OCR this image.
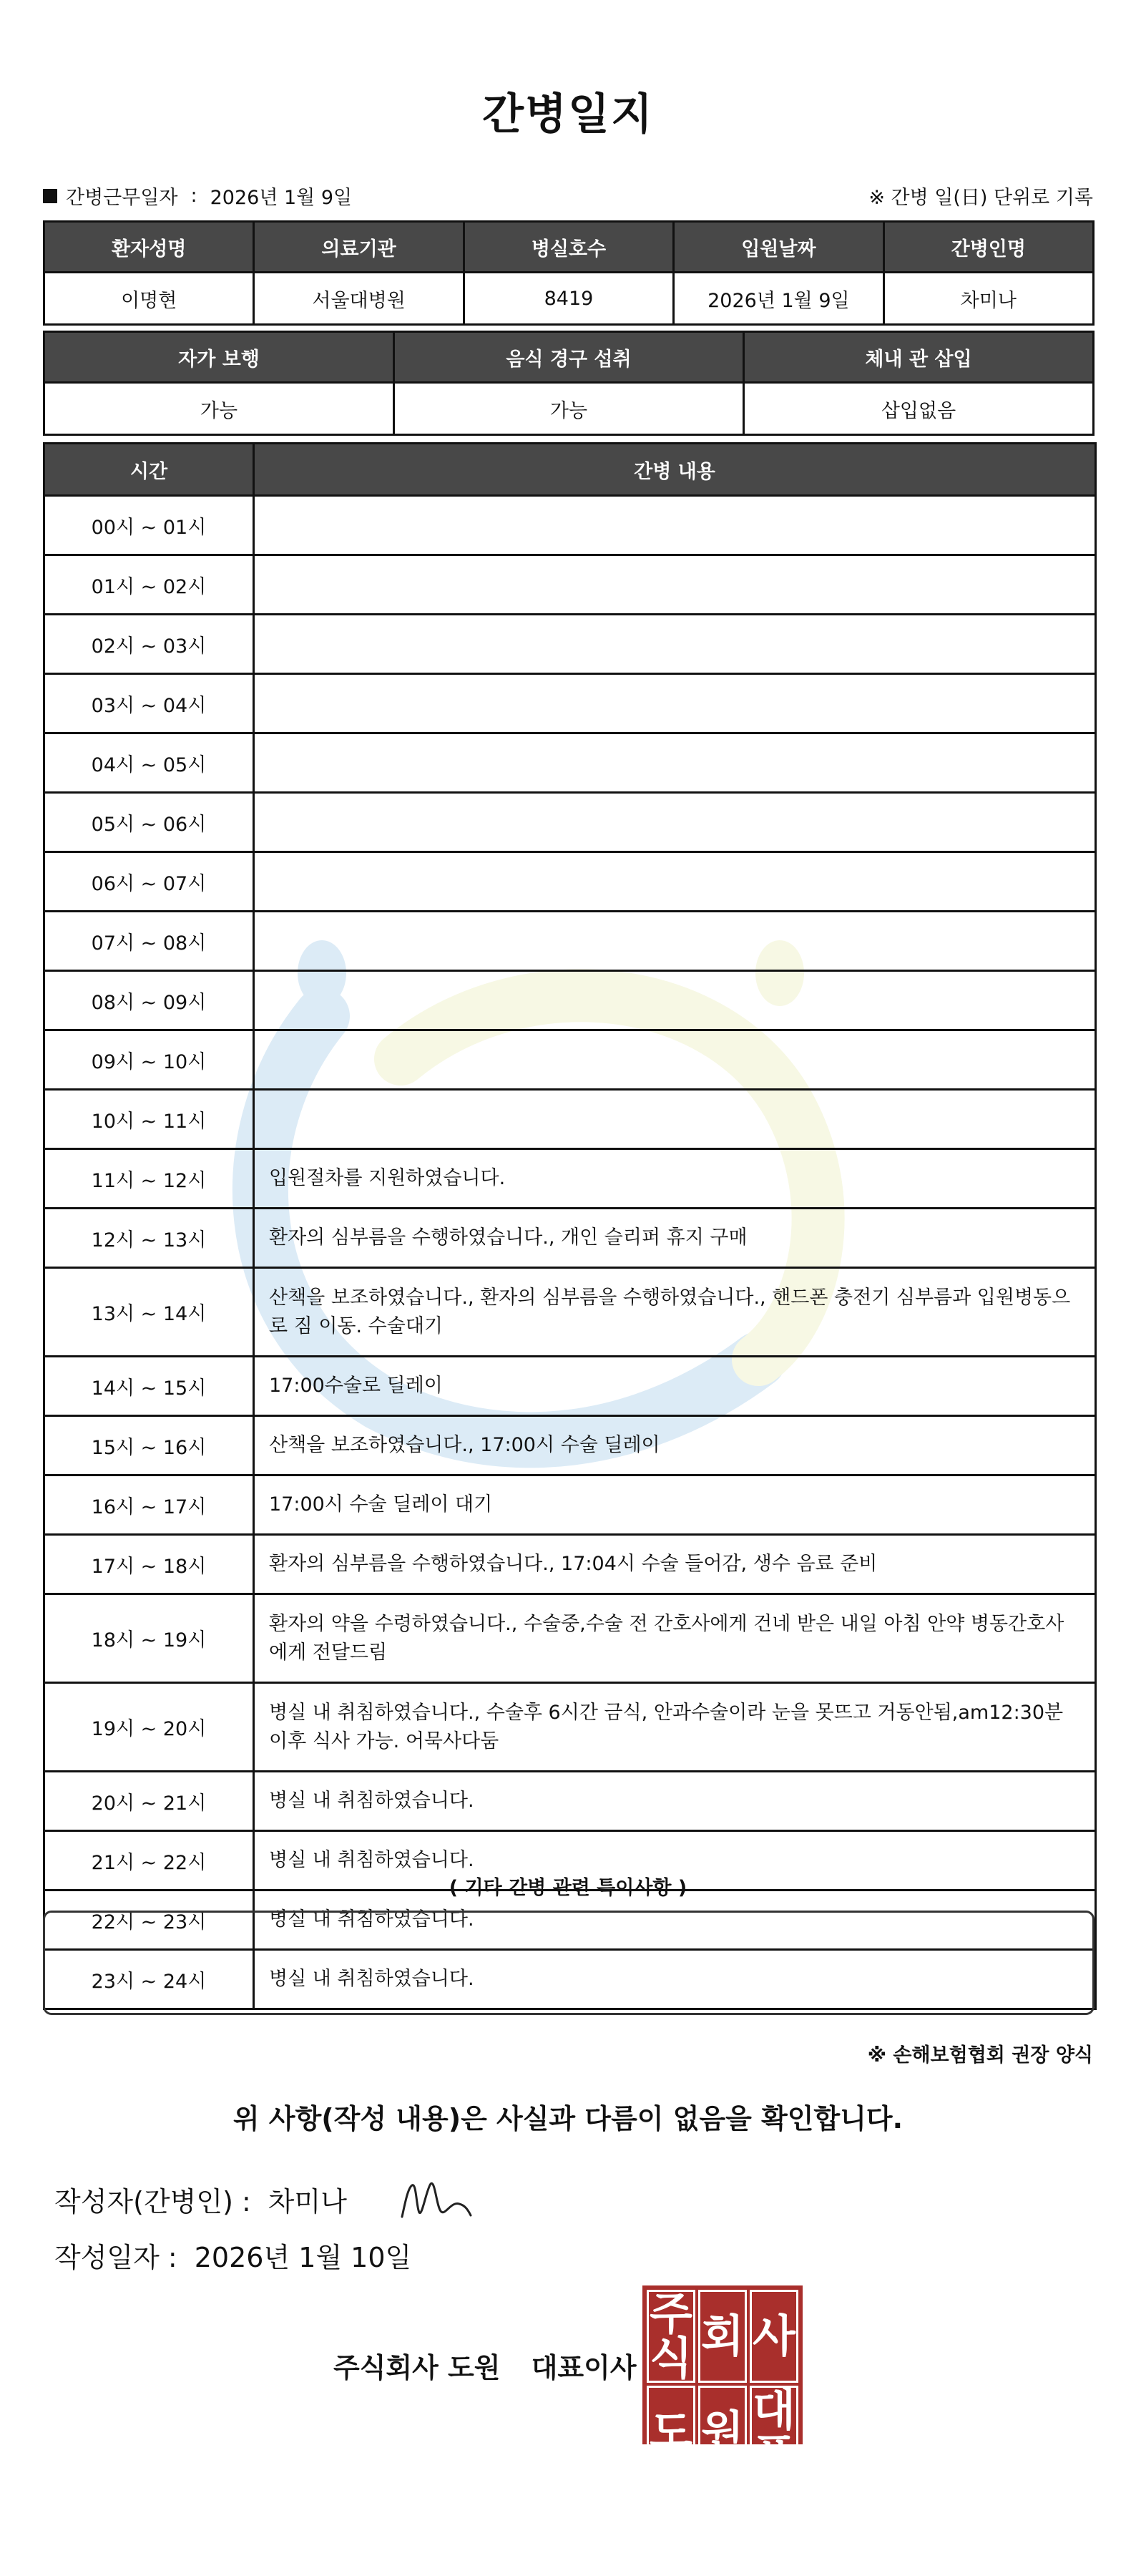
간병일지
간병근무일자 : 2026년 1월 9일	※ 간병 일(日) 단위로 기록
환자성명	의료기관	병실호수	입원날짜	간병인명
이명현	서울대병원	8419	2026년 1월 9일	차미나
자가 보행	음식 경구 섭취	체내 관 삽입
가능	가능	삽입없음
시간	간병 내용
00시 ~ 01시	
01시 ~ 02시	
02시 ~ 03시	
03시 ~ 04시	
04시 ~ 05시	
05시 ~ 06시	
06시 ~ 07시	
07시 ~ 08시	
08시 ~ 09시	
09시 ~ 10시	
10시 ~ 11시	
11시 ~ 12시	입원절차를 지원하였습니다.
12시 ~ 13시	환자의 심부름을 수행하였습니다., 개인 슬리퍼 휴지 구매
13시 ~ 14시	산책을 보조하였습니다., 환자의 심부름을 수행하였습니다., 핸드폰 충전기 심부름과 입원병동으로 짐 이동. 수술대기
14시 ~ 15시	17:00수술로 딜레이
15시 ~ 16시	산책을 보조하였습니다., 17:00시 수술 딜레이
16시 ~ 17시	17:00시 수술 딜레이 대기
17시 ~ 18시	환자의 심부름을 수행하였습니다., 17:04시 수술 들어감, 생수 음료 준비
18시 ~ 19시	환자의 약을 수령하였습니다., 수술중,수술 전 간호사에게 건네 받은 내일 아침 안약 병동간호사에게 전달드림
19시 ~ 20시	병실 내 취침하였습니다., 수술후 6시간 금식, 안과수술이라 눈을 못뜨고 거동안됨,am12:30분 이후 식사 가능. 어묵사다둠
20시 ~ 21시	병실 내 취침하였습니다.
21시 ~ 22시	병실 내 취침하였습니다.
22시 ~ 23시	병실 내 취침하였습니다.
23시 ~ 24시	병실 내 취침하였습니다.
( 기타 간병 관련 특이사항 )
※ 손해보험협회 권장 양식
위 사항(작성 내용)은 사실과 다름이 없음을 확인합니다.
작성자(간병인) : 차미나
작성일자 : 2026년 1월 10일
주식회사 도원 대표이사
주식 회 사
도 원 대표
이 사의 인
